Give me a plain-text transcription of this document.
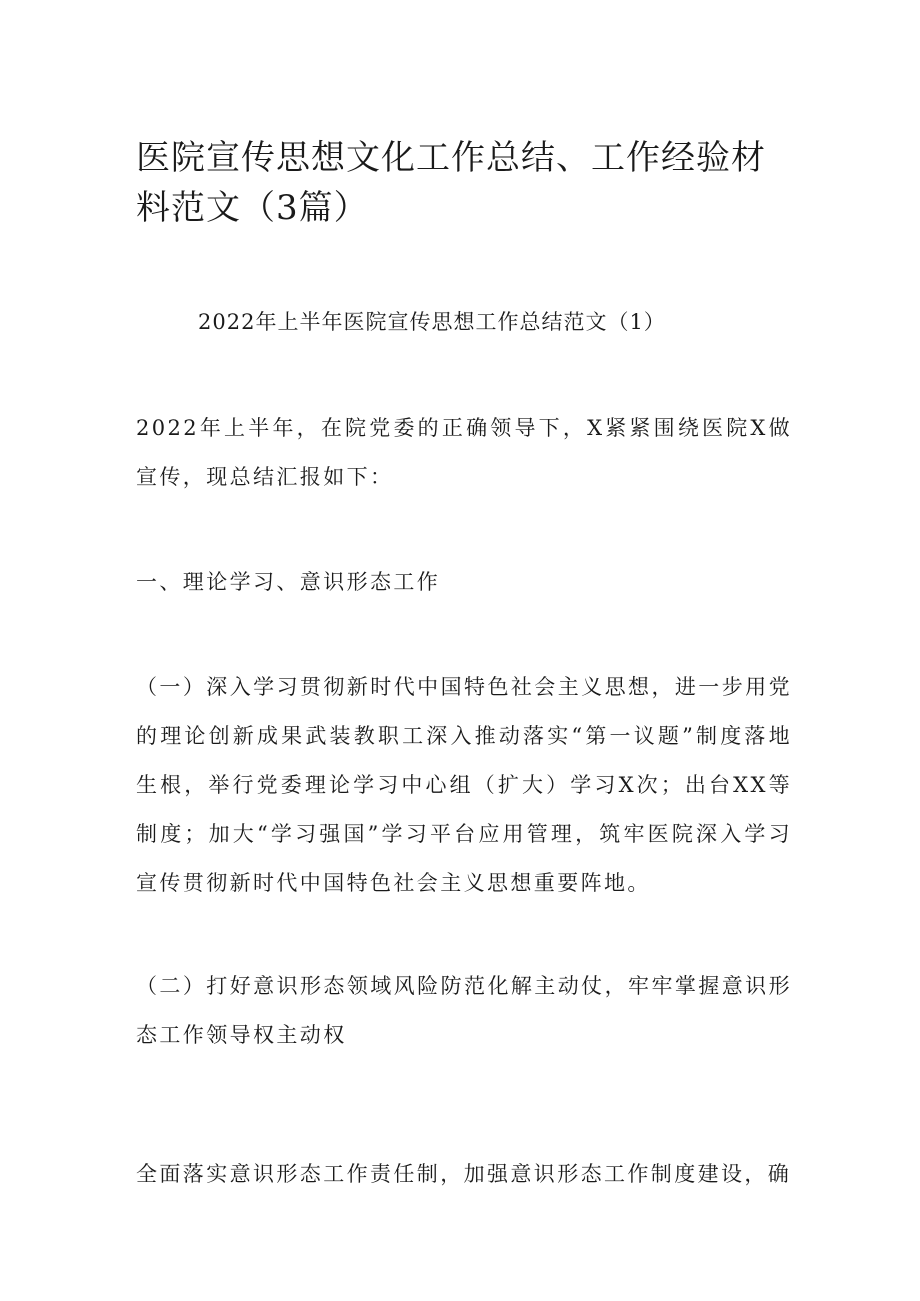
医院宣传思想文化工作总结、工作经验材料范文（3篇）

2022年上半年医院宣传思想工作总结范文（1）

2022年上半年，在院党委的正确领导下，X紧紧围绕医院X做宣传，现总结汇报如下：

一、理论学习、意识形态工作

（一）深入学习贯彻新时代中国特色社会主义思想，进一步用党的理论创新成果武装教职工深入推动落实“第一议题”制度落地生根，举行党委理论学习中心组（扩大）学习X次；出台XX等制度；加大“学习强国”学习平台应用管理，筑牢医院深入学习宣传贯彻新时代中国特色社会主义思想重要阵地。

（二）打好意识形态领域风险防范化解主动仗，牢牢掌握意识形态工作领导权主动权

全面落实意识形态工作责任制，加强意识形态工作制度建设，确
